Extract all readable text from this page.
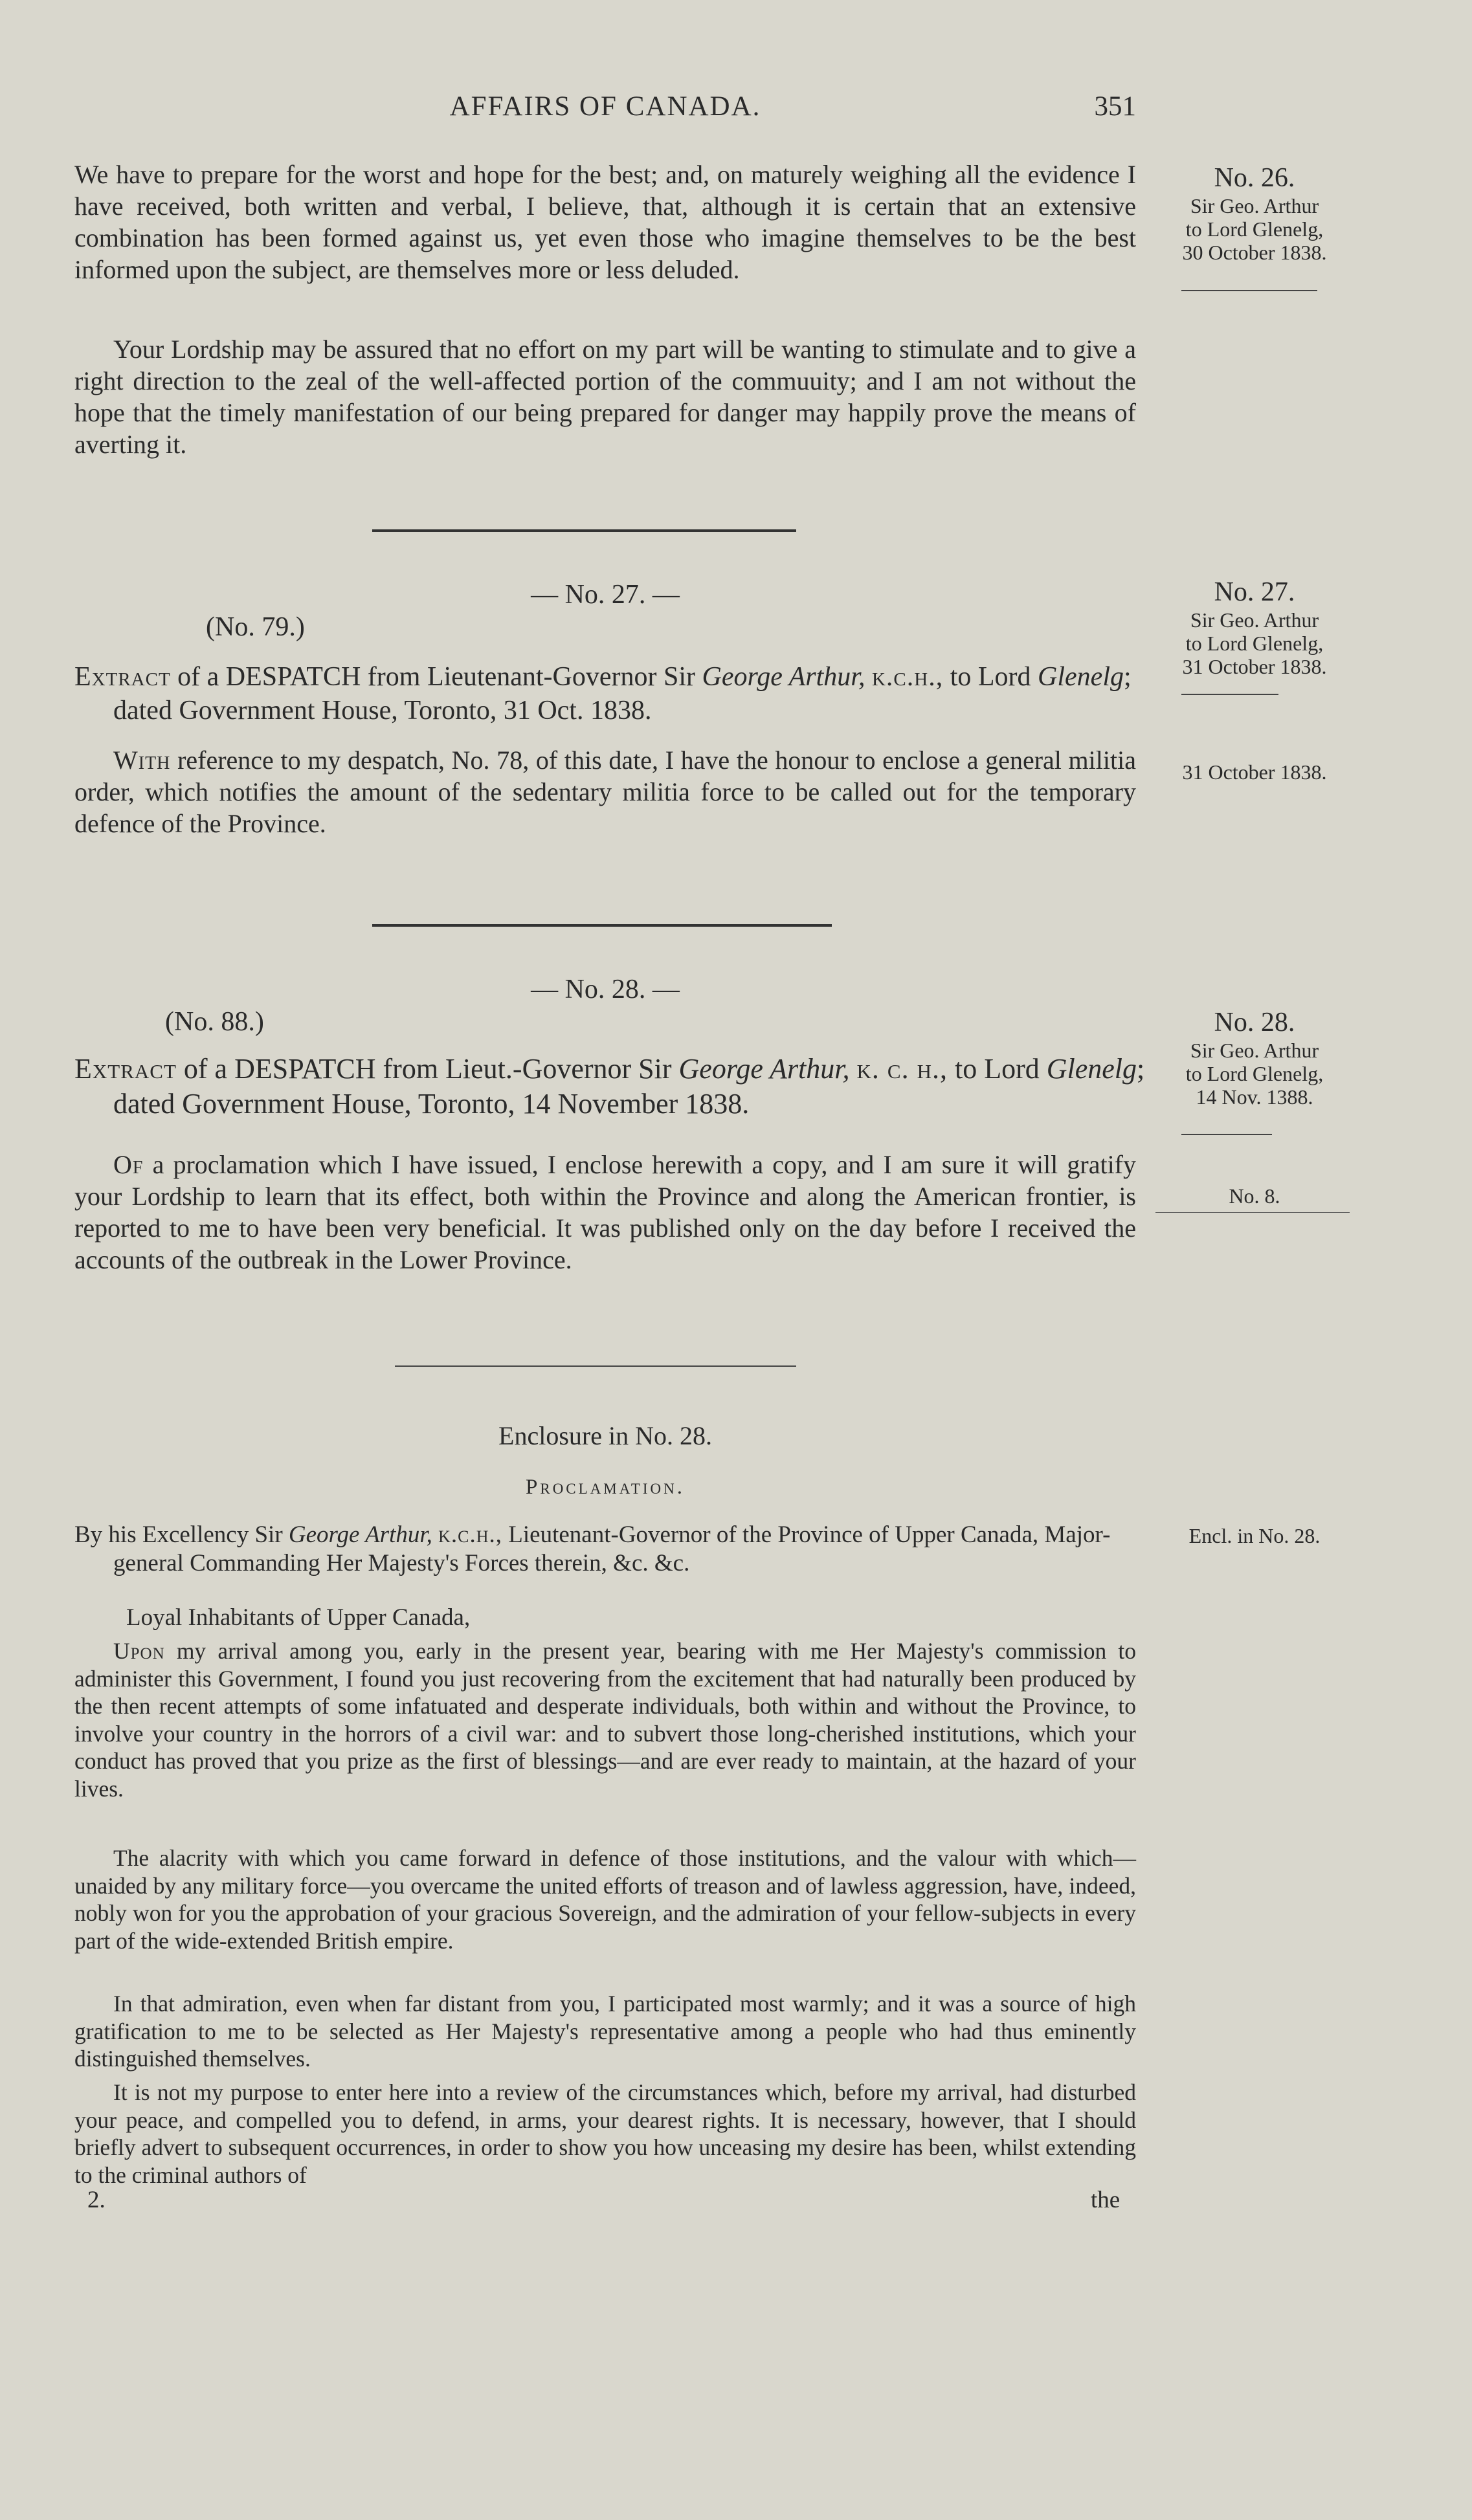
AFFAIRS OF CANADA.	351

We have to prepare for the worst and hope for the best; and, on maturely weighing all the evidence I have received, both written and verbal, I believe, that, although it is certain that an extensive combination has been formed against us, yet even those who imagine themselves to be the best informed upon the subject, are themselves more or less deluded.

Your Lordship may be assured that no effort on my part will be wanting to stimulate and to give a right direction to the zeal of the well-affected portion of the commuuity; and I am not without the hope that the timely manifestation of our being prepared for danger may happily prove the means of averting it.

No. 26.
Sir Geo. Arthur
to Lord Glenelg,
30 October 1838.
— No. 27. —
(No. 79.)
Extract of a DESPATCH from Lieutenant-Governor Sir George Arthur, k.c.h., to Lord Glenelg; dated Government House, Toronto, 31 Oct. 1838.

With reference to my despatch, No. 78, of this date, I have the honour to enclose a general militia order, which notifies the amount of the sedentary militia force to be called out for the temporary defence of the Province.

No. 27.
Sir Geo. Arthur
to Lord Glenelg,
31 October 1838.
31 October 1838.
— No. 28. —
(No. 88.)
Extract of a DESPATCH from Lieut.-Governor Sir George Arthur, k. c. h., to Lord Glenelg; dated Government House, Toronto, 14 November 1838.

Of a proclamation which I have issued, I enclose herewith a copy, and I am sure it will gratify your Lordship to learn that its effect, both within the Province and along the American frontier, is reported to me to have been very beneficial. It was published only on the day before I received the accounts of the outbreak in the Lower Province.

No. 28.
Sir Geo. Arthur
to Lord Glenelg,
14 Nov. 1388.
No. 8.
Enclosure in No. 28.
Proclamation.
By his Excellency Sir George Arthur, k.c.h., Lieutenant-Governor of the Province of Upper Canada, Major-general Commanding Her Majesty's Forces therein, &c. &c.
Encl. in No. 28.
Loyal Inhabitants of Upper Canada,

Upon my arrival among you, early in the present year, bearing with me Her Majesty's commission to administer this Government, I found you just recovering from the excitement that had naturally been produced by the then recent attempts of some infatuated and desperate individuals, both within and without the Province, to involve your country in the horrors of a civil war: and to subvert those long-cherished institutions, which your conduct has proved that you prize as the first of blessings—and are ever ready to maintain, at the hazard of your lives.

The alacrity with which you came forward in defence of those institutions, and the valour with which—unaided by any military force—you overcame the united efforts of treason and of lawless aggression, have, indeed, nobly won for you the approbation of your gracious Sovereign, and the admiration of your fellow-subjects in every part of the wide-extended British empire.

In that admiration, even when far distant from you, I participated most warmly; and it was a source of high gratification to me to be selected as Her Majesty's representative among a people who had thus eminently distinguished themselves.

It is not my purpose to enter here into a review of the circumstances which, before my arrival, had disturbed your peace, and compelled you to defend, in arms, your dearest rights. It is necessary, however, that I should briefly advert to subsequent occurrences, in order to show you how unceasing my desire has been, whilst extending to the criminal authors of

2.	the
